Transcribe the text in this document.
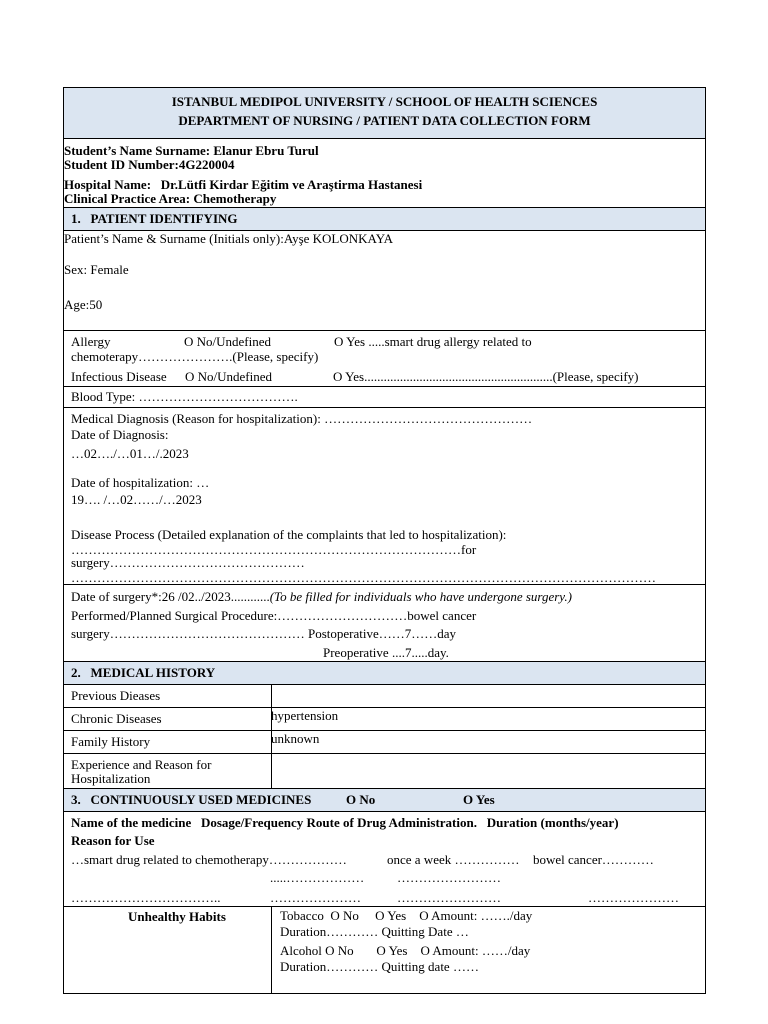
ISTANBUL MEDIPOL UNIVERSITY / SCHOOL OF HEALTH SCIENCES
DEPARTMENT OF NURSING / PATIENT DATA COLLECTION FORM
Student’s Name Surname: Elanur Ebru Turul
Student ID Number:4G220004
Hospital Name:   Dr.Lütfi Kirdar Eğitim ve Araştirma Hastanesi
Clinical Practice Area: Chemotherapy
1.   PATIENT IDENTIFYING
Patient’s Name & Surname (Initials only):Ayşe KOLONKAYA
Sex: Female
Age:50
Allergy	O No/Undefined	O Yes .....smart drug allergy related to
chemoterapy………………….(Please, specify)
Infectious Disease O No/Undefined	O Yes..........................................................(Please, specify)
Blood Type: ……………………………….
Medical Diagnosis (Reason for hospitalization): …………………………………………
Date of Diagnosis:
…02…./…01…/.2023
Date of hospitalization: …
19…. /…02……/…2023
Disease Process (Detailed explanation of the complaints that led to hospitalization):
………………………………………………………………………………for
surgery………………………………………
………………………………………………………………………………………………………………………
Date of surgery*:26 /02../2023............(To be filled for individuals who have undergone surgery.)
Performed/Planned Surgical Procedure:…………………………bowel cancer
surgery……………………………………… Postoperative……7……day
Preoperative ....7.....day.
2.   MEDICAL HISTORY
Previous Dieases
Chronic Diseases	hypertension
Family History	unknown
Experience and Reason for
Hospitalization
3.   CONTINUOUSLY USED MEDICINES	O No	O Yes
Name of the medicine   Dosage/Frequency Route of Drug Administration.   Duration (months/year)
Reason for Use
…smart drug related to chemotherapy………………	once a week …………… bowel cancer…………
.....………………	……………………
……………………………..	…………………	……………………	…………………
Unhealthy Habits	Tobacco  O No     O Yes    O Amount: ……./day
Duration………… Quitting Date …
Alcohol O No       O Yes    O Amount: ……/day
Duration………… Quitting date ……
